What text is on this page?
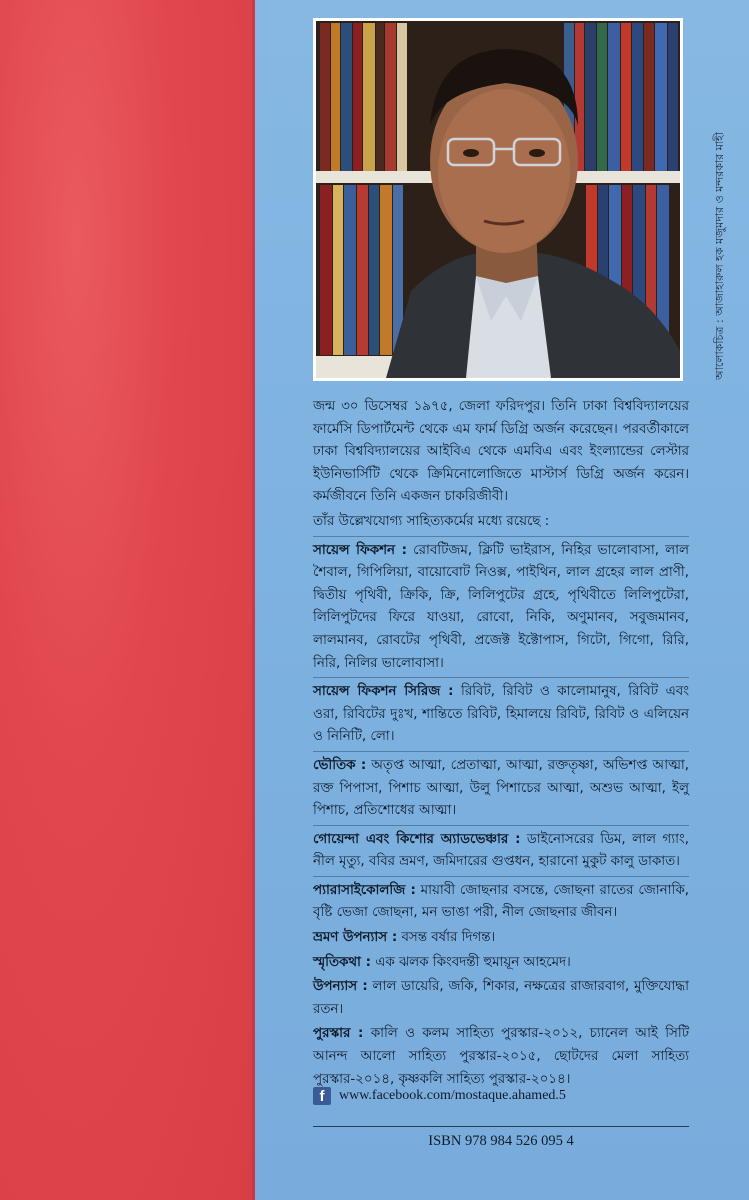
আলোকচিত্র : আজাহারুল হক মজুমদার ও মন্দরকার মাহী

জন্ম ৩০ ডিসেম্বর ১৯৭৫, জেলা ফরিদপুর। তিনি ঢাকা বিশ্ববিদ্যালয়ের ফার্মেসি ডিপার্টমেন্ট থেকে এম ফার্ম ডিগ্রি অর্জন করেছেন। পরবর্তীকালে ঢাকা বিশ্ববিদ্যালয়ের আইবিএ থেকে এমবিএ এবং ইংল্যান্ডের লেস্টার ইউনিভার্সিটি থেকে ক্রিমিনোলোজিতে মাস্টার্স ডিগ্রি অর্জন করেন। কর্মজীবনে তিনি একজন চাকরিজীবী।

তাঁর উল্লেখযোগ্য সাহিত্যকর্মের মধ্যে রয়েছে :

সায়েন্স ফিকশন : রোবটিজম, ক্লিটি ভাইরাস, নিহির ভালোবাসা, লাল শৈবাল, গিপিলিয়া, বায়োবোট নিওক্স, পাইথিন, লাল গ্রহের লাল প্রাণী, দ্বিতীয় পৃথিবী, ক্রিকি, ক্রি, লিলিপুটের গ্রহে, পৃথিবীতে লিলিপুটেরা, লিলিপুটদের ফিরে যাওয়া, রোবো, নিকি, অণুমানব, সবুজমানব, লালমানব, রোবটের পৃথিবী, প্রজেক্ট ইক্টোপাস, গিটো, গিগো, রিরি, নিরি, নিলির ভালোবাসা।

সায়েন্স ফিকশন সিরিজ : রিবিট, রিবিট ও কালোমানুষ, রিবিট এবং ওরা, রিবিটের দুঃখ, শান্তিতে রিবিট, হিমালয়ে রিবিট, রিবিট ও এলিয়েন ও নিনিটি, লো।

ভৌতিক : অতৃপ্ত আত্মা, প্রেতাত্মা, আত্মা, রক্ততৃষ্ণা, অভিশপ্ত আত্মা, রক্ত পিপাসা, পিশাচ আত্মা, উলু পিশাচের আত্মা, অশুভ আত্মা, ইলু পিশাচ, প্রতিশোধের আত্মা।

গোয়েন্দা এবং কিশোর অ্যাডভেঞ্চার : ডাইনোসরের ডিম, লাল গ্যাং, নীল মৃত্যু, ববির ভ্রমণ, জমিদারের গুপ্তধন, হারানো মুকুট কালু ডাকাত।

প্যারাসাইকোলজি : মায়াবী জোছনার বসন্তে, জোছনা রাতের জোনাকি, বৃষ্টি ভেজা জোছনা, মন ভাঙা পরী, নীল জোছনার জীবন।

ভ্রমণ উপন্যাস : বসন্ত বর্ষার দিগন্ত।

স্মৃতিকথা : এক ঝলক কিংবদন্তী হুমায়ূন আহমেদ।

উপন্যাস : লাল ডায়েরি, জকি, শিকার, নক্ষত্রের রাজারবাগ, মুক্তিযোদ্ধা রতন।

পুরস্কার : কালি ও কলম সাহিত্য পুরস্কার-২০১২, চ্যানেল আই সিটি আনন্দ আলো সাহিত্য পুরস্কার-২০১৫, ছোটদের মেলা সাহিত্য পুরস্কার-২০১৪, কৃষ্ণকলি সাহিত্য পুরস্কার-২০১৪।

f	www.facebook.com/mostaque.ahamed.5
ISBN 978 984 526 095 4
